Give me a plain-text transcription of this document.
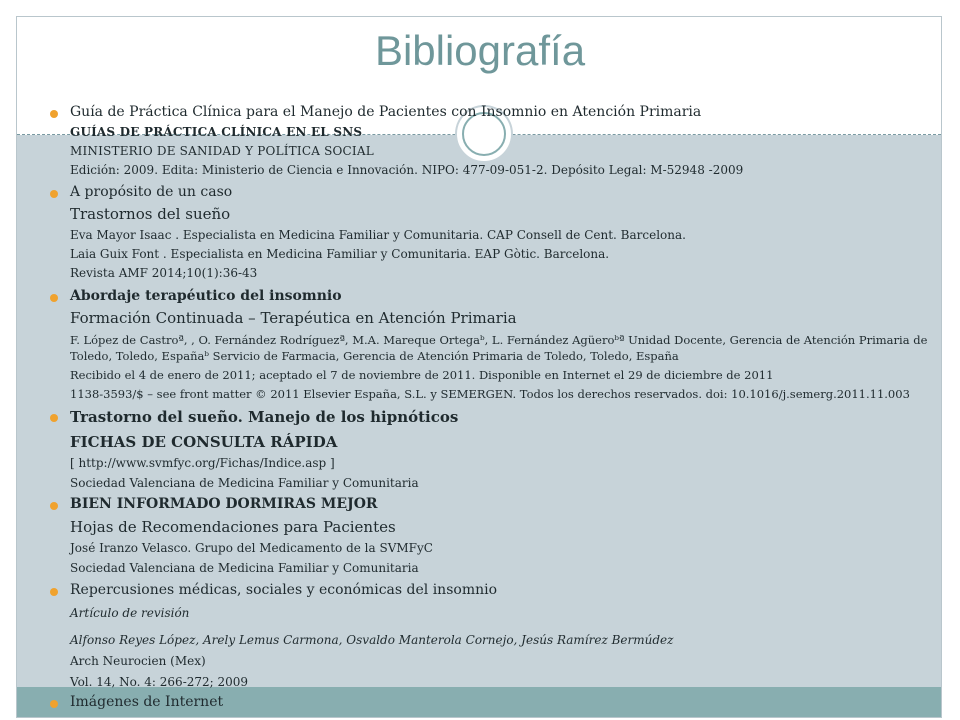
Bibliografía
Guía de Práctica Clínica para el Manejo de Pacientes con Insomnio en Atención Primaria
GUÍAS DE PRÁCTICA CLÍNICA EN EL SNS
MINISTERIO DE SANIDAD Y POLÍTICA SOCIAL
Edición: 2009. Edita: Ministerio de Ciencia e Innovación. NIPO: 477-09-051-2. Depósito Legal: M-52948 -2009
A propósito de un caso
Trastornos del sueño
Eva Mayor Isaac . Especialista en Medicina Familiar y Comunitaria. CAP Consell de Cent. Barcelona.
Laia Guix Font . Especialista en Medicina Familiar y Comunitaria. EAP Gòtic. Barcelona.
Revista AMF 2014;10(1):36-43
Abordaje terapéutico del insomnio
Formación Continuada – Terapéutica en Atención Primaria
F. López de Castroª, , O. Fernández Rodríguezª, M.A. Mareque Ortegaᵇ, L. Fernández Agüeroᵇª Unidad Docente, Gerencia de Atención Primaria de Toledo, Toledo, Españaᵇ Servicio de Farmacia, Gerencia de Atención Primaria de Toledo, Toledo, España
Recibido el 4 de enero de 2011; aceptado el 7 de noviembre de 2011. Disponible en Internet el 29 de diciembre de 2011
1138-3593/$ – see front matter © 2011 Elsevier España, S.L. y SEMERGEN. Todos los derechos reservados. doi: 10.1016/j.semerg.2011.11.003
Trastorno del sueño. Manejo de los hipnóticos
FICHAS DE CONSULTA RÁPIDA
[ http://www.svmfyc.org/Fichas/Indice.asp ]
Sociedad Valenciana de Medicina Familiar y Comunitaria
BIEN INFORMADO DORMIRAS MEJOR
Hojas de Recomendaciones para Pacientes
José Iranzo Velasco. Grupo del Medicamento de la SVMFyC
Sociedad Valenciana de Medicina Familiar y Comunitaria
Repercusiones médicas, sociales y económicas del insomnio
Artículo de revisión
Alfonso Reyes López, Arely Lemus Carmona, Osvaldo Manterola Cornejo, Jesús Ramírez Bermúdez
Arch Neurocien (Mex)
Vol. 14, No. 4: 266-272; 2009
Imágenes de Internet
